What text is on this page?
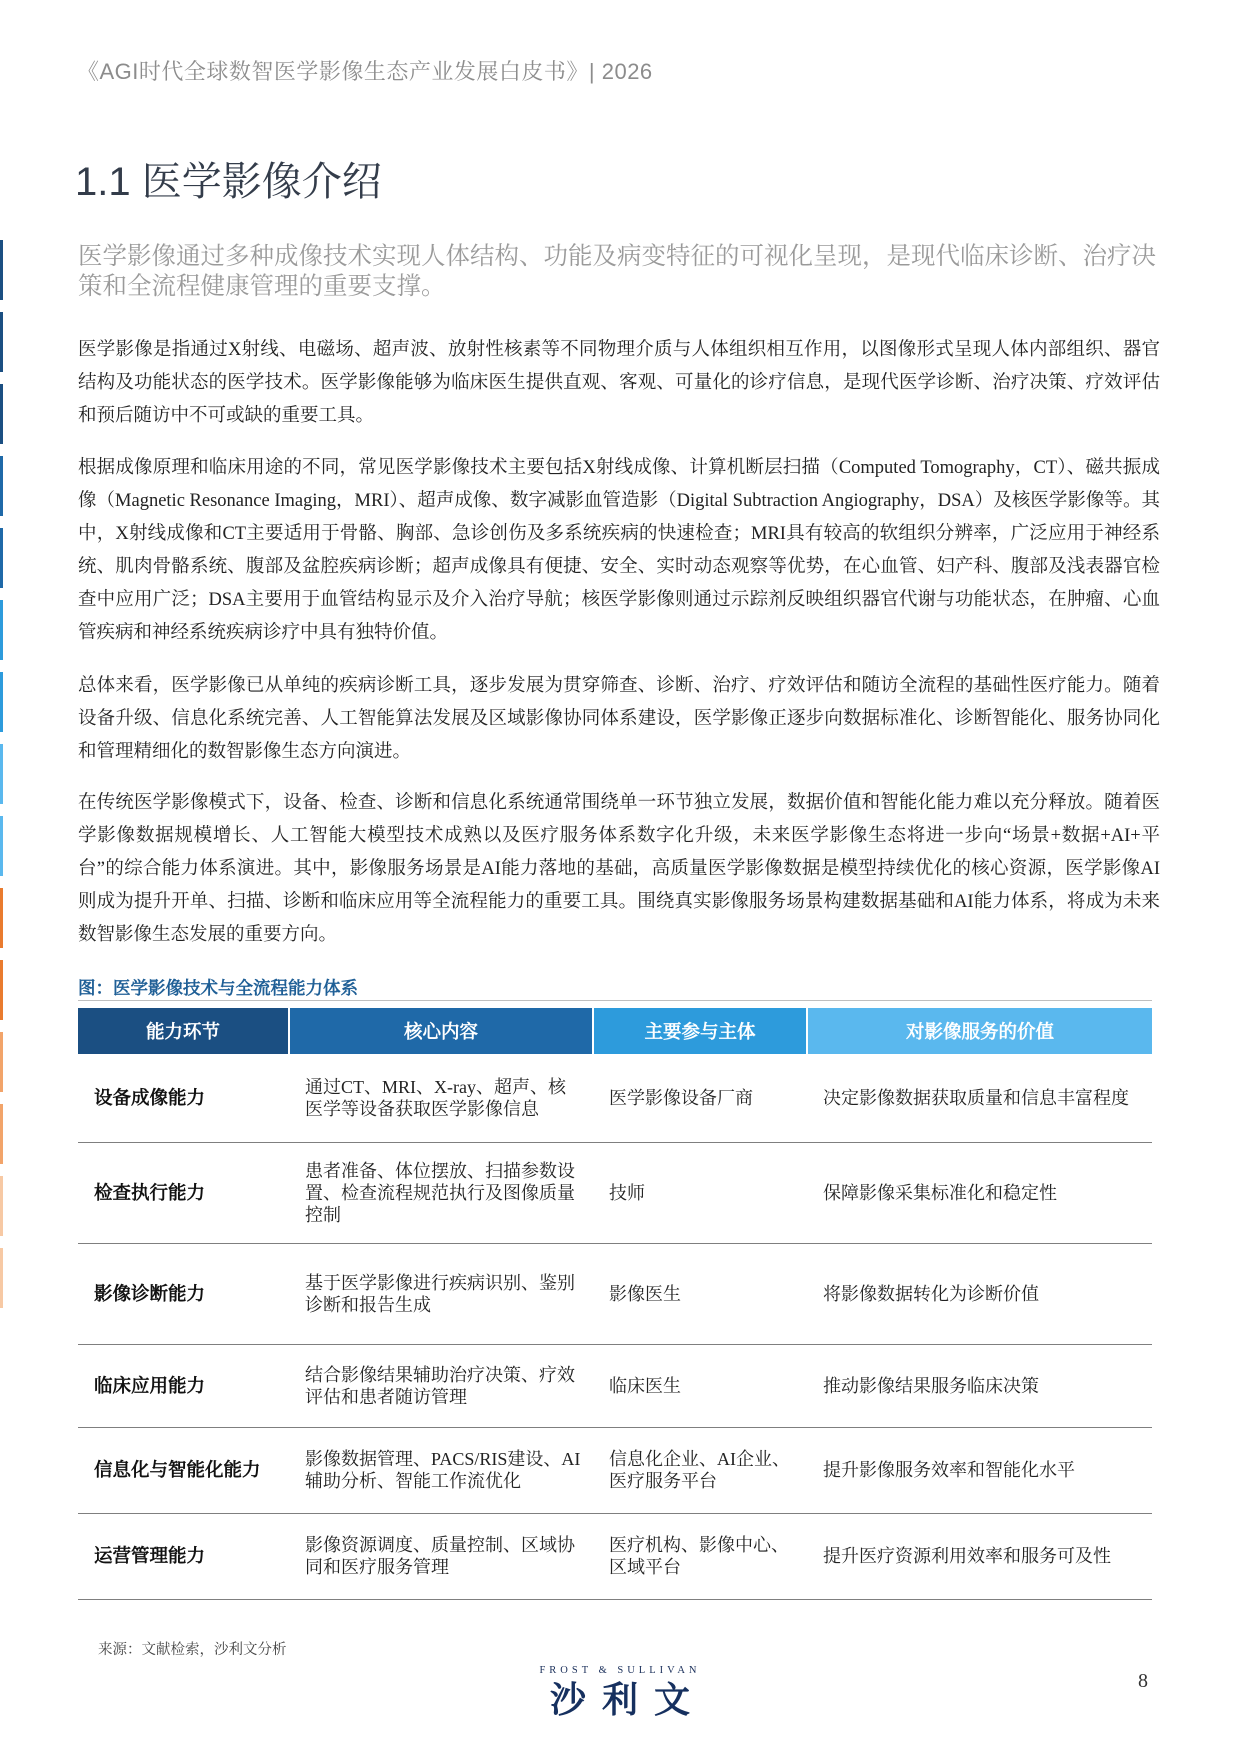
《AGI时代全球数智医学影像生态产业发展白皮书》| 2026
1.1 医学影像介绍
医学影像通过多种成像技术实现人体结构、功能及病变特征的可视化呈现，是现代临床诊断、治疗决策和全流程健康管理的重要支撑。
医学影像是指通过X射线、电磁场、超声波、放射性核素等不同物理介质与人体组织相互作用，以图像形式呈现人体内部组织、器官结构及功能状态的医学技术。医学影像能够为临床医生提供直观、客观、可量化的诊疗信息，是现代医学诊断、治疗决策、疗效评估和预后随访中不可或缺的重要工具。
根据成像原理和临床用途的不同，常见医学影像技术主要包括X射线成像、计算机断层扫描（Computed Tomography，CT）、磁共振成像（Magnetic Resonance Imaging，MRI）、超声成像、数字减影血管造影（Digital Subtraction Angiography，DSA）及核医学影像等。其中，X射线成像和CT主要适用于骨骼、胸部、急诊创伤及多系统疾病的快速检查；MRI具有较高的软组织分辨率，广泛应用于神经系统、肌肉骨骼系统、腹部及盆腔疾病诊断；超声成像具有便捷、安全、实时动态观察等优势，在心血管、妇产科、腹部及浅表器官检查中应用广泛；DSA主要用于血管结构显示及介入治疗导航；核医学影像则通过示踪剂反映组织器官代谢与功能状态，在肿瘤、心血管疾病和神经系统疾病诊疗中具有独特价值。
总体来看，医学影像已从单纯的疾病诊断工具，逐步发展为贯穿筛查、诊断、治疗、疗效评估和随访全流程的基础性医疗能力。随着设备升级、信息化系统完善、人工智能算法发展及区域影像协同体系建设，医学影像正逐步向数据标准化、诊断智能化、服务协同化和管理精细化的数智影像生态方向演进。
在传统医学影像模式下，设备、检查、诊断和信息化系统通常围绕单一环节独立发展，数据价值和智能化能力难以充分释放。随着医学影像数据规模增长、人工智能大模型技术成熟以及医疗服务体系数字化升级，未来医学影像生态将进一步向“场景+数据+AI+平台”的综合能力体系演进。其中，影像服务场景是AI能力落地的基础，高质量医学影像数据是模型持续优化的核心资源，医学影像AI则成为提升开单、扫描、诊断和临床应用等全流程能力的重要工具。围绕真实影像服务场景构建数据基础和AI能力体系，将成为未来数智影像生态发展的重要方向。
图：医学影像技术与全流程能力体系
能力环节	核心内容	主要参与主体	对影像服务的价值
设备成像能力	通过CT、MRI、X-ray、超声、核医学等设备获取医学影像信息	医学影像设备厂商	决定影像数据获取质量和信息丰富程度
检查执行能力	患者准备、体位摆放、扫描参数设置、检查流程规范执行及图像质量控制	技师	保障影像采集标准化和稳定性
影像诊断能力	基于医学影像进行疾病识别、鉴别诊断和报告生成	影像医生	将影像数据转化为诊断价值
临床应用能力	结合影像结果辅助治疗决策、疗效评估和患者随访管理	临床医生	推动影像结果服务临床决策
信息化与智能化能力	影像数据管理、PACS/RIS建设、AI辅助分析、智能工作流优化	信息化企业、AI企业、医疗服务平台	提升影像服务效率和智能化水平
运营管理能力	影像资源调度、质量控制、区域协同和医疗服务管理	医疗机构、影像中心、区域平台	提升医疗资源利用效率和服务可及性
来源：文献检索，沙利文分析
FROST & SULLIVAN
沙利文	8
